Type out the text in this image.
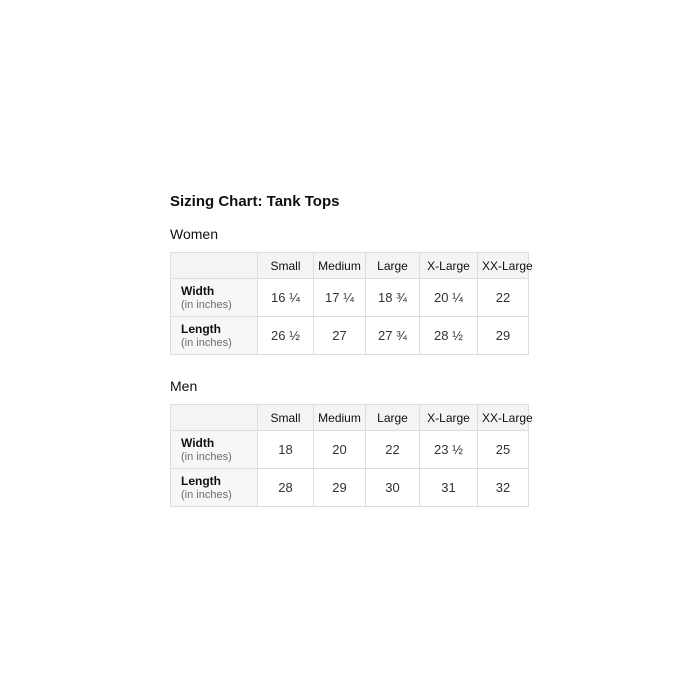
Sizing Chart: Tank Tops
Women
	Small	Medium	Large	X-Large	XX-Large

Width
(in inches)	16 ¼	17 ¼	18 ¾	20 ¼	22

Length
(in inches)	26 ½	27	27 ¾	28 ½	29
Men
	Small	Medium	Large	X-Large	XX-Large

Width
(in inches)	18	20	22	23 ½	25

Length
(in inches)	28	29	30	31	32
